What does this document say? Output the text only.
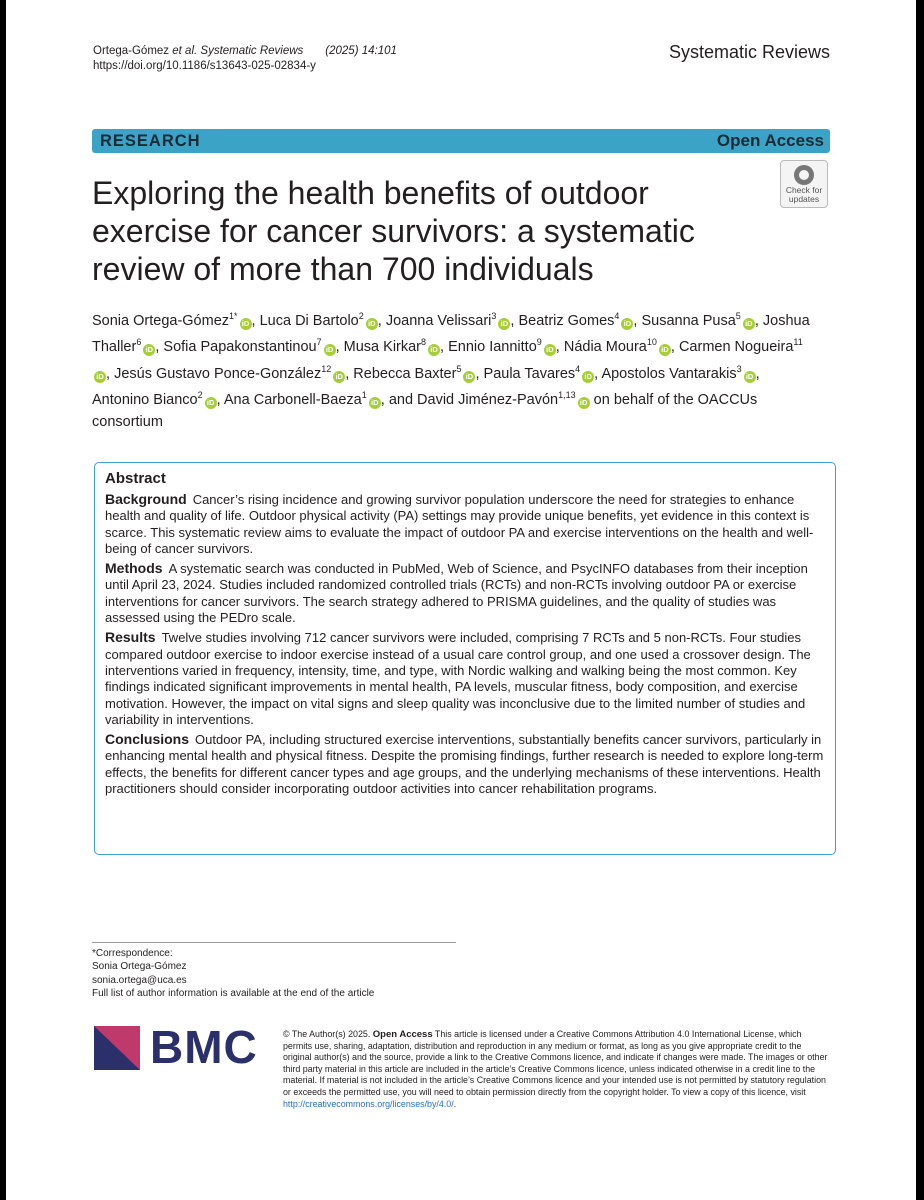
Ortega-Gómez et al. Systematic Reviews (2025) 14:101
https://doi.org/10.1186/s13643-025-02834-y
Systematic Reviews
RESEARCH	Open Access
Check for updates
Exploring the health benefits of outdoor exercise for cancer survivors: a systematic review of more than 700 individuals
Sonia Ortega-Gómez$^{1*}$iD , Luca Di Bartolo$^2$iD , Joanna Velissari$^3$iD , Beatriz Gomes$^4$iD , Susanna Pusa$^5$iD , Joshua Thaller$^6$iD , Sofia Papakonstantinou$^7$iD , Musa Kirkar$^8$iD , Ennio Iannitto$^9$iD , Nádia Moura$^{10}$iD , Carmen Nogueira$^{11}$iD , Jesús Gustavo Ponce-González$^{12}$iD , Rebecca Baxter$^5$iD , Paula Tavares$^4$iD , Apostolos Vantarakis$^3$iD , Antonino Bianco$^2$iD , Ana Carbonell-Baeza$^1$iD , and David Jiménez-Pavón$^{1,13}$iD on behalf of the OACCUs consortium
Abstract

Background Cancer’s rising incidence and growing survivor population underscore the need for strategies to enhance health and quality of life. Outdoor physical activity (PA) settings may provide unique benefits, yet evidence in this context is scarce. This systematic review aims to evaluate the impact of outdoor PA and exercise interventions on the health and well-being of cancer survivors.

Methods A systematic search was conducted in PubMed, Web of Science, and PsycINFO databases from their inception until April 23, 2024. Studies included randomized controlled trials (RCTs) and non-RCTs involving outdoor PA or exercise interventions for cancer survivors. The search strategy adhered to PRISMA guidelines, and the quality of studies was assessed using the PEDro scale.

Results Twelve studies involving 712 cancer survivors were included, comprising 7 RCTs and 5 non-RCTs. Four studies compared outdoor exercise to indoor exercise instead of a usual care control group, and one used a crossover design. The interventions varied in frequency, intensity, time, and type, with Nordic walking and walking being the most common. Key findings indicated significant improvements in mental health, PA levels, muscular fitness, body composition, and exercise motivation. However, the impact on vital signs and sleep quality was inconclusive due to the limited number of studies and variability in interventions.

Conclusions Outdoor PA, including structured exercise interventions, substantially benefits cancer survivors, particularly in enhancing mental health and physical fitness. Despite the promising findings, further research is needed to explore long-term effects, the benefits for different cancer types and age groups, and the underlying mechanisms of these interventions. Health practitioners should consider incorporating outdoor activities into cancer rehabilitation programs.

*Correspondence:
Sonia Ortega-Gómez
sonia.ortega@uca.es
Full list of author information is available at the end of the article
BMC	© The Author(s) 2025. Open Access This article is licensed under a Creative Commons Attribution 4.0 International License, which permits use, sharing, adaptation, distribution and reproduction in any medium or format, as long as you give appropriate credit to the original author(s) and the source, provide a link to the Creative Commons licence, and indicate if changes were made. The images or other third party material in this article are included in the article’s Creative Commons licence, unless indicated otherwise in a credit line to the material. If material is not included in the article’s Creative Commons licence and your intended use is not permitted by statutory regulation or exceeds the permitted use, you will need to obtain permission directly from the copyright holder. To view a copy of this licence, visit http://creativecommons.org/licenses/by/4.0/.
